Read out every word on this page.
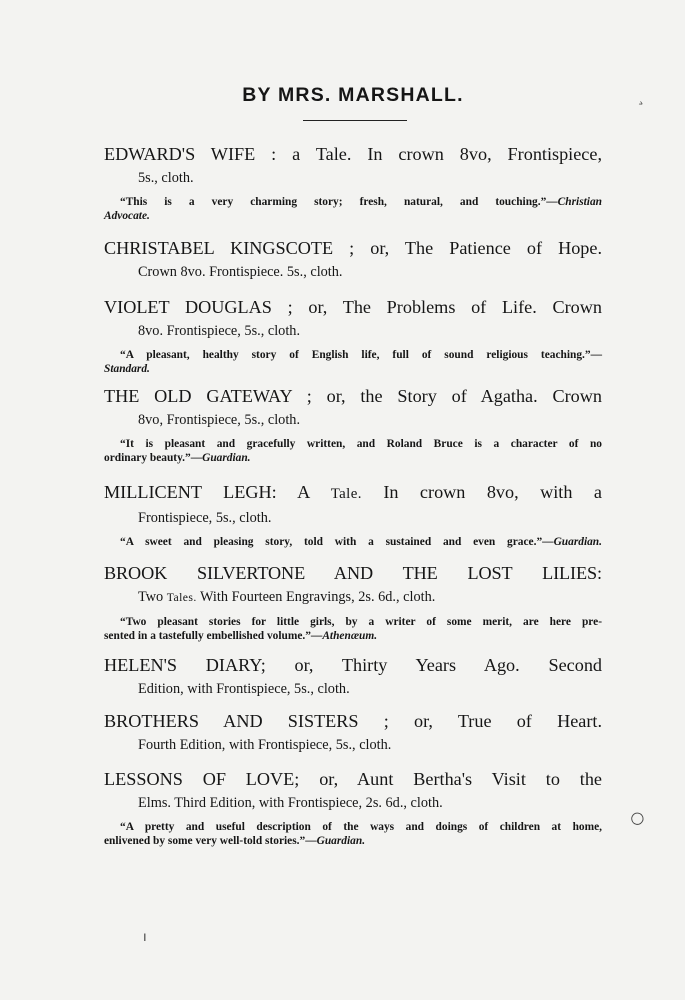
BY MRS. MARSHALL.
EDWARD'S WIFE : a Tale. In crown 8vo, Frontispiece,
5s., cloth.
“This is a very charming story; fresh, natural, and touching.”—Christian
Advocate.
CHRISTABEL KINGSCOTE ; or, The Patience of Hope.
Crown 8vo. Frontispiece. 5s., cloth.
VIOLET DOUGLAS ; or, The Problems of Life. Crown
8vo. Frontispiece, 5s., cloth.
“A pleasant, healthy story of English life, full of sound religious teaching.”—
Standard.
THE OLD GATEWAY ; or, the Story of Agatha. Crown
8vo, Frontispiece, 5s., cloth.
“It is pleasant and gracefully written, and Roland Bruce is a character of no
ordinary beauty.”—Guardian.
MILLICENT LEGH: A Tale. In crown 8vo, with a
Frontispiece, 5s., cloth.
“A sweet and pleasing story, told with a sustained and even grace.”—Guardian.
BROOK SILVERTONE AND THE LOST LILIES:
Two Tales. With Fourteen Engravings, 2s. 6d., cloth.
“Two pleasant stories for little girls, by a writer of some merit, are here pre-
sented in a tastefully embellished volume.”—Athenæum.
HELEN'S DIARY; or, Thirty Years Ago. Second
Edition, with Frontispiece, 5s., cloth.
BROTHERS AND SISTERS ; or, True of Heart.
Fourth Edition, with Frontispiece, 5s., cloth.
LESSONS OF LOVE; or, Aunt Bertha's Visit to the
Elms. Third Edition, with Frontispiece, 2s. 6d., cloth.
“A pretty and useful description of the ways and doings of children at home,
enlivened by some very well-told stories.”—Guardian.
○
ı
˃
